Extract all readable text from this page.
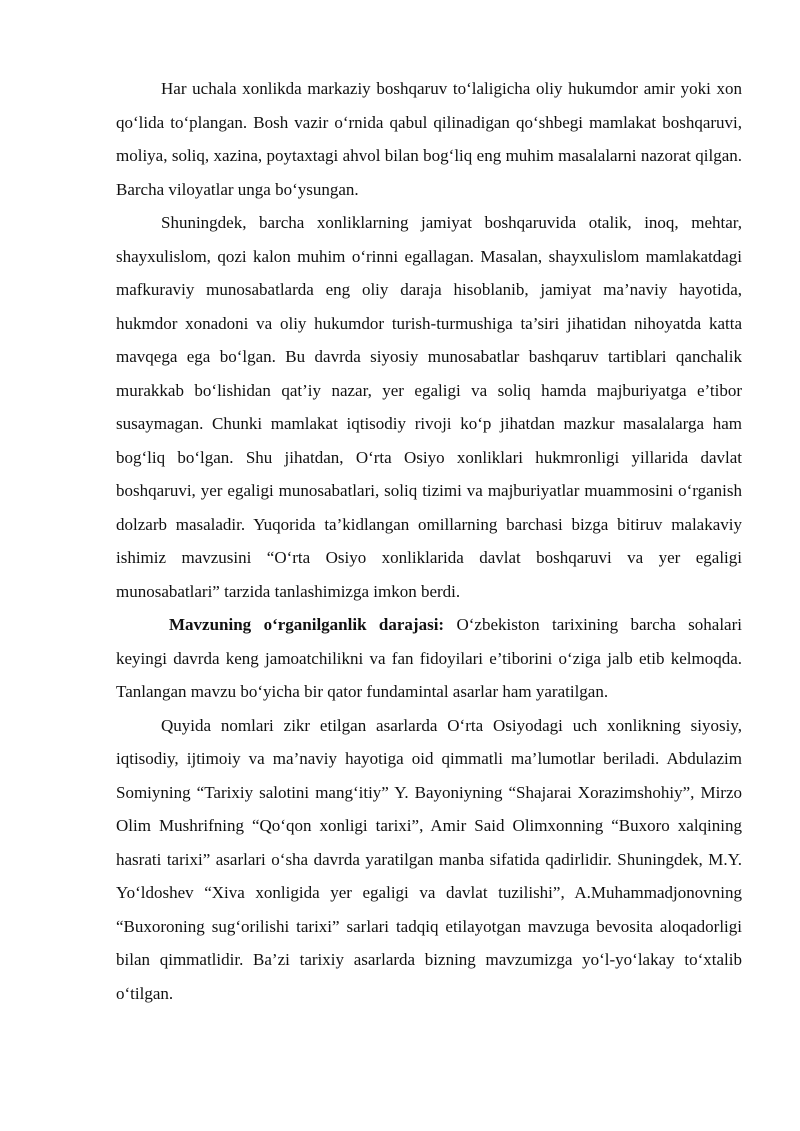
Har uchala xonlikda markaziy boshqaruv to‘laligicha oliy hukumdor amir yoki xon qo‘lida to‘plangan. Bosh vazir o‘rnida qabul qilinadigan qo‘shbegi mamlakat boshqaruvi, moliya, soliq, xazina, poytaxtagi ahvol bilan bog‘liq eng muhim masalalarni nazorat qilgan. Barcha viloyatlar unga bo‘ysungan.

Shuningdek, barcha xonliklarning jamiyat boshqaruvida otalik, inoq, mehtar, shayxulislom, qozi kalon muhim o‘rinni egallagan. Masalan, shayxulislom mamlakatdagi mafkuraviy munosabatlarda eng oliy daraja hisoblanib, jamiyat ma’naviy hayotida, hukmdor xonadoni va oliy hukumdor turish-turmushiga ta’siri jihatidan nihoyatda katta mavqega ega bo‘lgan. Bu davrda siyosiy munosabatlar bashqaruv tartiblari qanchalik murakkab bo‘lishidan qat’iy nazar, yer egaligi va soliq hamda majburiyatga e’tibor susaymagan. Chunki mamlakat iqtisodiy rivoji ko‘p jihatdan mazkur masalalarga ham bog‘liq bo‘lgan. Shu jihatdan, O‘rta Osiyo xonliklari hukmronligi yillarida davlat boshqaruvi, yer egaligi munosabatlari, soliq tizimi va majburiyatlar muammosini o‘rganish dolzarb masaladir. Yuqorida ta’kidlangan omillarning barchasi bizga bitiruv malakaviy ishimiz mavzusini “O‘rta Osiyo xonliklarida davlat boshqaruvi va yer egaligi munosabatlari” tarzida tanlashimizga imkon berdi.

Mavzuning o‘rganilganlik darajasi: O‘zbekiston tarixining barcha sohalari keyingi davrda keng jamoatchilikni va fan fidoyilari e’tiborini o‘ziga jalb etib kelmoqda. Tanlangan mavzu bo‘yicha bir qator fundamintal asarlar ham yaratilgan.

Quyida nomlari zikr etilgan asarlarda O‘rta Osiyodagi uch xonlikning siyosiy, iqtisodiy, ijtimoiy va ma’naviy hayotiga oid qimmatli ma’lumotlar beriladi. Abdulazim Somiyning “Tarixiy salotini mang‘itiy” Y. Bayoniyning “Shajarai Xorazimshohiy”, Mirzo Olim Mushrifning “Qo‘qon xonligi tarixi”, Amir Said Olimxonning “Buxoro xalqining hasrati tarixi” asarlari o‘sha davrda yaratilgan manba sifatida qadirlidir. Shuningdek, M.Y. Yo‘ldoshev “Xiva xonligida yer egaligi va davlat tuzilishi”, A.Muhammadjonovning “Buxoroning sug‘orilishi tarixi” sarlari tadqiq etilayotgan mavzuga bevosita aloqadorligi bilan qimmatlidir. Ba’zi tarixiy asarlarda bizning mavzumizga yo‘l-yo‘lakay to‘xtalib o‘tilgan.
